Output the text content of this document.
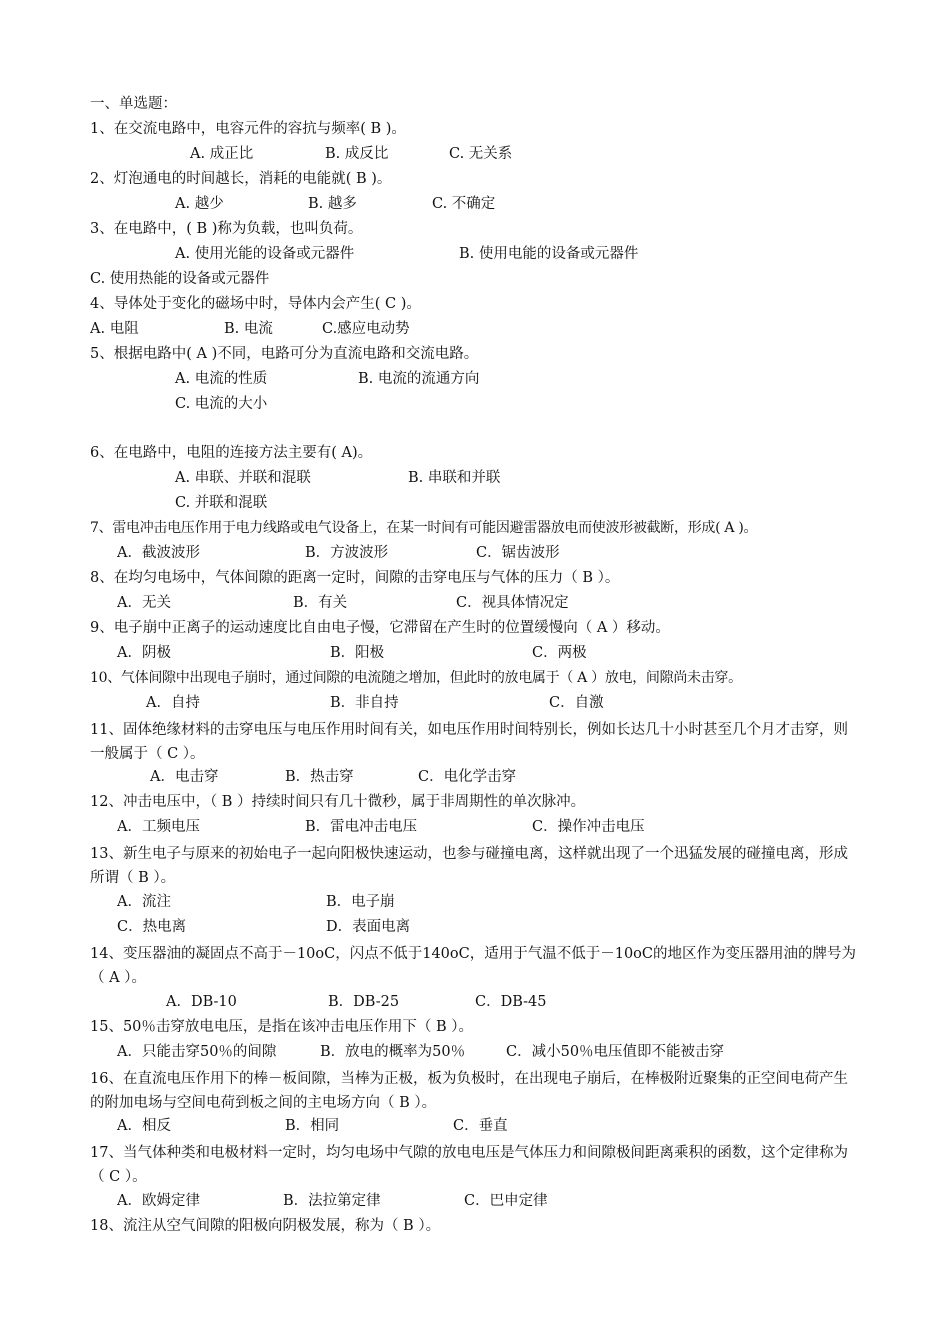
一、单选题：
1、在交流电路中，电容元件的容抗与频率( B )。
A. 成正比	B. 成反比	C. 无关系
2、灯泡通电的时间越长，消耗的电能就( B )。
A. 越少	B. 越多	C. 不确定
3、在电路中，( B )称为负载，也叫负荷。
A. 使用光能的设备或元器件	B. 使用电能的设备或元器件
C. 使用热能的设备或元器件
4、导体处于变化的磁场中时，导体内会产生( C )。
A. 电阻	B. 电流	C.感应电动势
5、根据电路中( A )不同，电路可分为直流电路和交流电路。
A. 电流的性质	B. 电流的流通方向
C. 电流的大小
6、在电路中，电阻的连接方法主要有( A)。
A. 串联、并联和混联	B. 串联和并联
C. 并联和混联
7、雷电冲击电压作用于电力线路或电气设备上，在某一时间有可能因避雷器放电而使波形被截断，形成( A )。
A．截波波形	B．方波波形	C．锯齿波形
8、在均匀电场中，气体间隙的距离一定时，间隙的击穿电压与气体的压力（ B ）。
A．无关	B．有关	C．视具体情况定
9、电子崩中正离子的运动速度比自由电子慢，它滞留在产生时的位置缓慢向（ A ）移动。
A．阴极	B．阳极	C．两极
10、气体间隙中出现电子崩时，通过间隙的电流随之增加，但此时的放电属于（ A ）放电，间隙尚未击穿。
A．自持	B．非自持	C．自激
11、固体绝缘材料的击穿电压与电压作用时间有关，如电压作用时间特别长，例如长达几十小时甚至几个月才击穿，则一般属于（ C ）。
A．电击穿	B．热击穿	C．电化学击穿
12、冲击电压中，（ B ）持续时间只有几十微秒，属于非周期性的单次脉冲。
A．工频电压	B．雷电冲击电压	C．操作冲击电压
13、新生电子与原来的初始电子一起向阳极快速运动，也参与碰撞电离，这样就出现了一个迅猛发展的碰撞电离，形成所谓（ B ）。
A．流注	B．电子崩
C．热电离	D．表面电离
14、变压器油的凝固点不高于－10oC，闪点不低于140oC，适用于气温不低于－10oC的地区作为变压器用油的牌号为（ A ）。
A．DB-10	B．DB-25	C．DB-45
15、50％击穿放电电压，是指在该冲击电压作用下（ B ）。
A．只能击穿50％的间隙	B．放电的概率为50％	C．减小50％电压值即不能被击穿
16、在直流电压作用下的棒－板间隙，当棒为正极，板为负极时，在出现电子崩后，在棒极附近聚集的正空间电荷产生的附加电场与空间电荷到板之间的主电场方向（ B ）。
A．相反	B．相同	C．垂直
17、当气体种类和电极材料一定时，均匀电场中气隙的放电电压是气体压力和间隙极间距离乘积的函数，这个定律称为（ C ）。
A．欧姆定律	B．法拉第定律	C．巴申定律
18、流注从空气间隙的阳极向阴极发展，称为（ B ）。
